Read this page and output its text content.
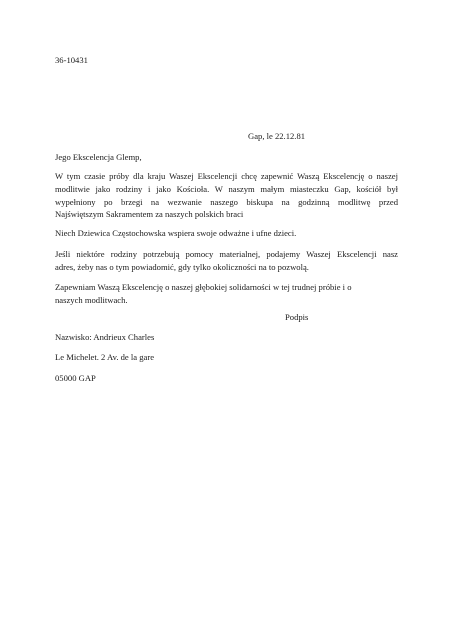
36-10431
Gap, le 22.12.81
Jego Ekscelencja Glemp,
W tym czasie próby dla kraju Waszej Ekscelencji chcę zapewnić Waszą Ekscelencję o naszej
modlitwie jako rodziny i jako Kościoła. W naszym małym miasteczku Gap, kościół był
wypełniony po brzegi na wezwanie naszego biskupa na godzinną modlitwę przed
Najświętszym Sakramentem za naszych polskich braci
Niech Dziewica Częstochowska wspiera swoje odważne i ufne dzieci.
Jeśli niektóre rodziny potrzebują pomocy materialnej, podajemy Waszej Ekscelencji nasz
adres, żeby nas o tym powiadomić, gdy tylko okoliczności na to pozwolą.
Zapewniam Waszą Ekscelencję o naszej głębokiej solidarności w tej trudnej próbie i o
naszych modlitwach.
Podpis
Nazwisko: Andrieux Charles
Le Michelet. 2 Av. de la gare
05000 GAP
